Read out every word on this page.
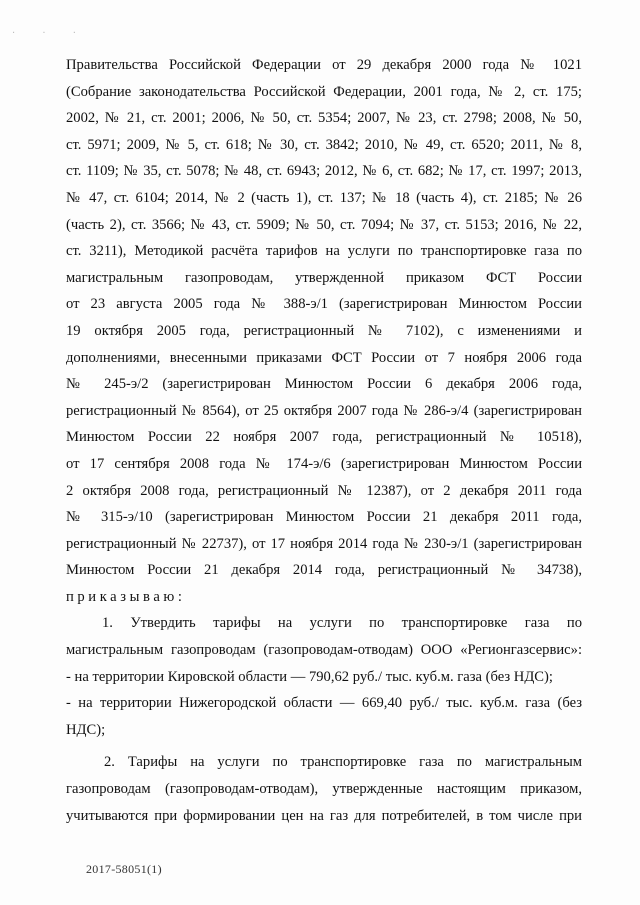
· · ·
Правительства Российской Федерации от 29 декабря 2000 года № 1021
(Собрание законодательства Российской Федерации, 2001 года, № 2, ст. 175;
2002, № 21, ст. 2001; 2006, № 50, ст. 5354; 2007, № 23, ст. 2798; 2008, № 50,
ст. 5971; 2009, № 5, ст. 618; № 30, ст. 3842; 2010, № 49, ст. 6520; 2011, № 8,
ст. 1109; № 35, ст. 5078; № 48, ст. 6943; 2012, № 6, ст. 682; № 17, ст. 1997; 2013,
№ 47, ст. 6104; 2014, № 2 (часть 1), ст. 137; № 18 (часть 4), ст. 2185; № 26
(часть 2), ст. 3566; № 43, ст. 5909; № 50, ст. 7094; № 37, ст. 5153; 2016, № 22,
ст. 3211), Методикой расчёта тарифов на услуги по транспортировке газа по
магистральным газопроводам, утвержденной приказом ФСТ России
от 23 августа 2005 года № 388-э/1 (зарегистрирован Минюстом России
19 октября 2005 года, регистрационный № 7102), с изменениями и
дополнениями, внесенными приказами ФСТ России от 7 ноября 2006 года
№ 245-э/2 (зарегистрирован Минюстом России 6 декабря 2006 года,
регистрационный № 8564), от 25 октября 2007 года № 286-э/4 (зарегистрирован
Минюстом России 22 ноября 2007 года, регистрационный № 10518),
от 17 сентября 2008 года № 174-э/6 (зарегистрирован Минюстом России
2 октября 2008 года, регистрационный № 12387), от 2 декабря 2011 года
№ 315-э/10 (зарегистрирован Минюстом России 21 декабря 2011 года,
регистрационный № 22737), от 17 ноября 2014 года № 230-э/1 (зарегистрирован
Минюстом России 21 декабря 2014 года, регистрационный № 34738),
приказываю:
1. Утвердить тарифы на услуги по транспортировке газа по
магистральным газопроводам (газопроводам-отводам) ООО «Регионгазсервис»:
- на территории Кировской области — 790,62 руб./ тыс. куб.м. газа (без НДС);
- на территории Нижегородской области — 669,40 руб./ тыс. куб.м. газа (без
НДС);
2. Тарифы на услуги по транспортировке газа по магистральным
газопроводам (газопроводам-отводам), утвержденные настоящим приказом,
учитываются при формировании цен на газ для потребителей, в том числе при
2017-58051(1)
